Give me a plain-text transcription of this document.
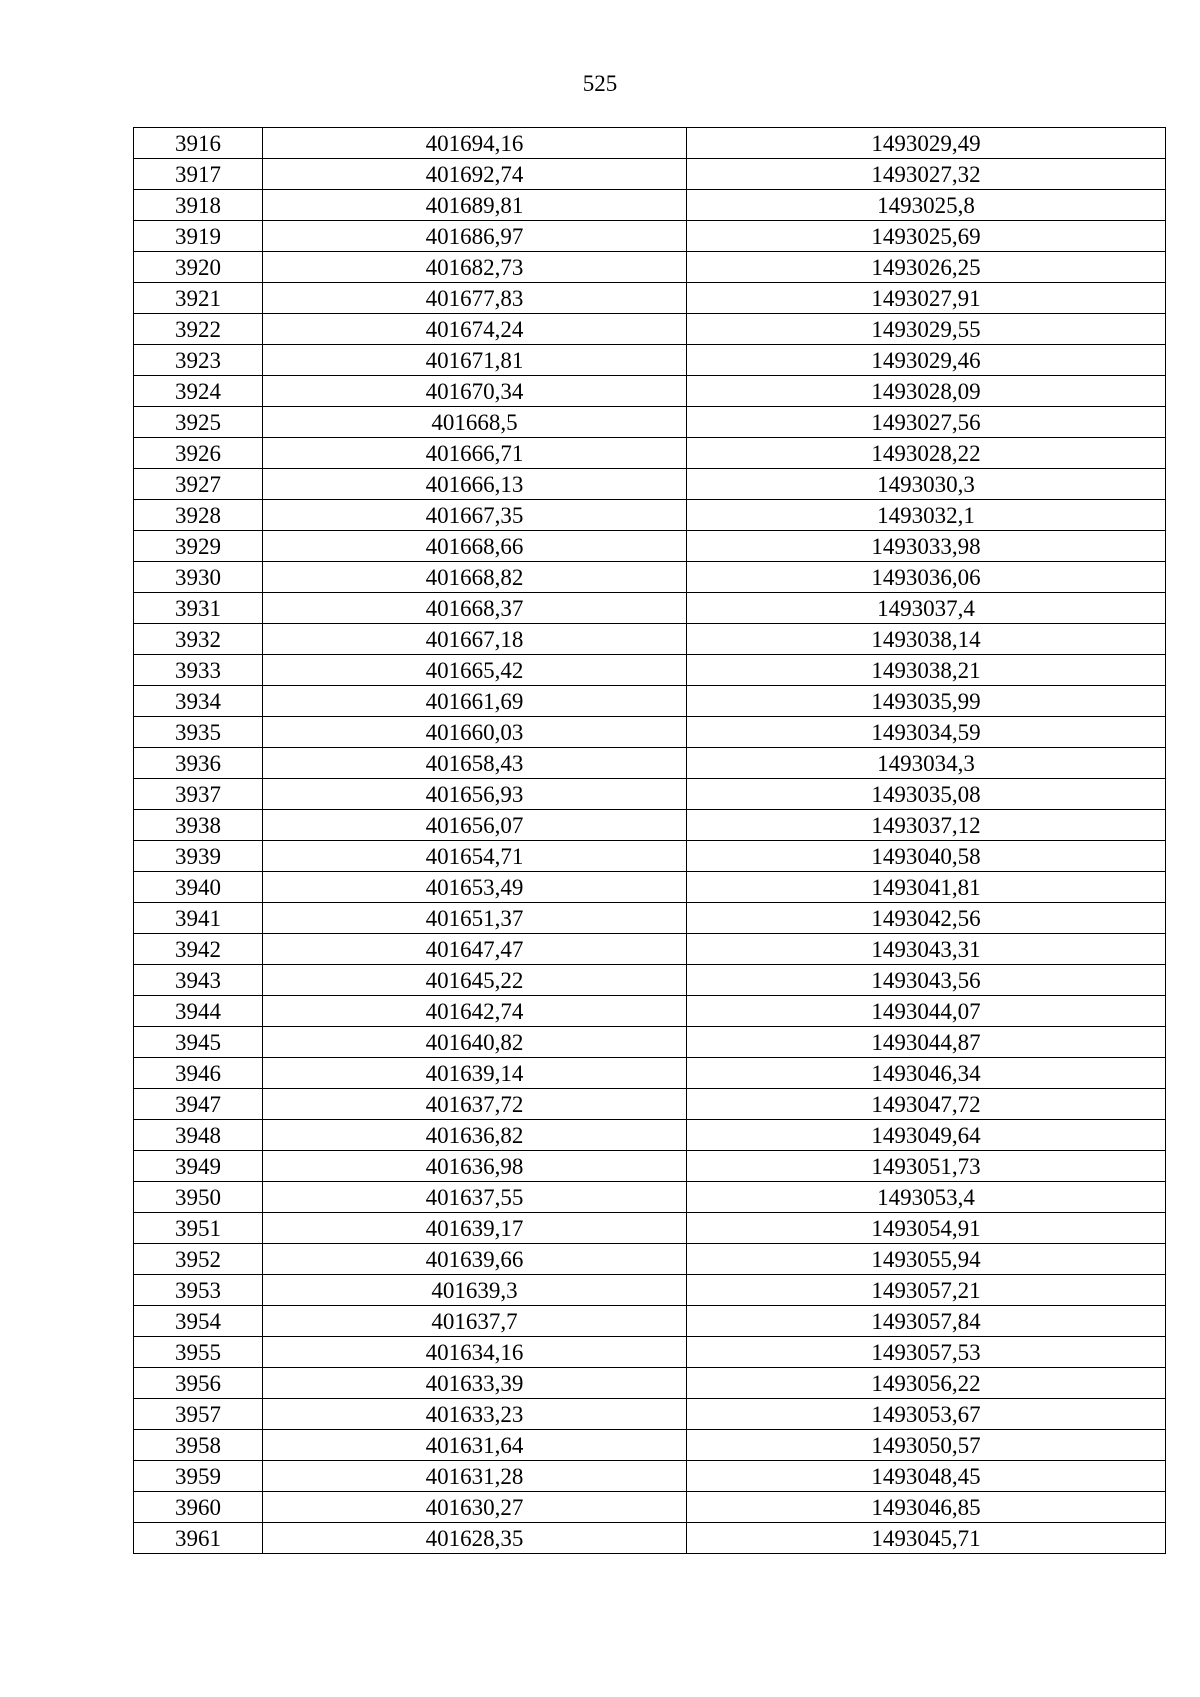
525
3916	401694,16	1493029,49
3917	401692,74	1493027,32
3918	401689,81	1493025,8
3919	401686,97	1493025,69
3920	401682,73	1493026,25
3921	401677,83	1493027,91
3922	401674,24	1493029,55
3923	401671,81	1493029,46
3924	401670,34	1493028,09
3925	401668,5	1493027,56
3926	401666,71	1493028,22
3927	401666,13	1493030,3
3928	401667,35	1493032,1
3929	401668,66	1493033,98
3930	401668,82	1493036,06
3931	401668,37	1493037,4
3932	401667,18	1493038,14
3933	401665,42	1493038,21
3934	401661,69	1493035,99
3935	401660,03	1493034,59
3936	401658,43	1493034,3
3937	401656,93	1493035,08
3938	401656,07	1493037,12
3939	401654,71	1493040,58
3940	401653,49	1493041,81
3941	401651,37	1493042,56
3942	401647,47	1493043,31
3943	401645,22	1493043,56
3944	401642,74	1493044,07
3945	401640,82	1493044,87
3946	401639,14	1493046,34
3947	401637,72	1493047,72
3948	401636,82	1493049,64
3949	401636,98	1493051,73
3950	401637,55	1493053,4
3951	401639,17	1493054,91
3952	401639,66	1493055,94
3953	401639,3	1493057,21
3954	401637,7	1493057,84
3955	401634,16	1493057,53
3956	401633,39	1493056,22
3957	401633,23	1493053,67
3958	401631,64	1493050,57
3959	401631,28	1493048,45
3960	401630,27	1493046,85
3961	401628,35	1493045,71
